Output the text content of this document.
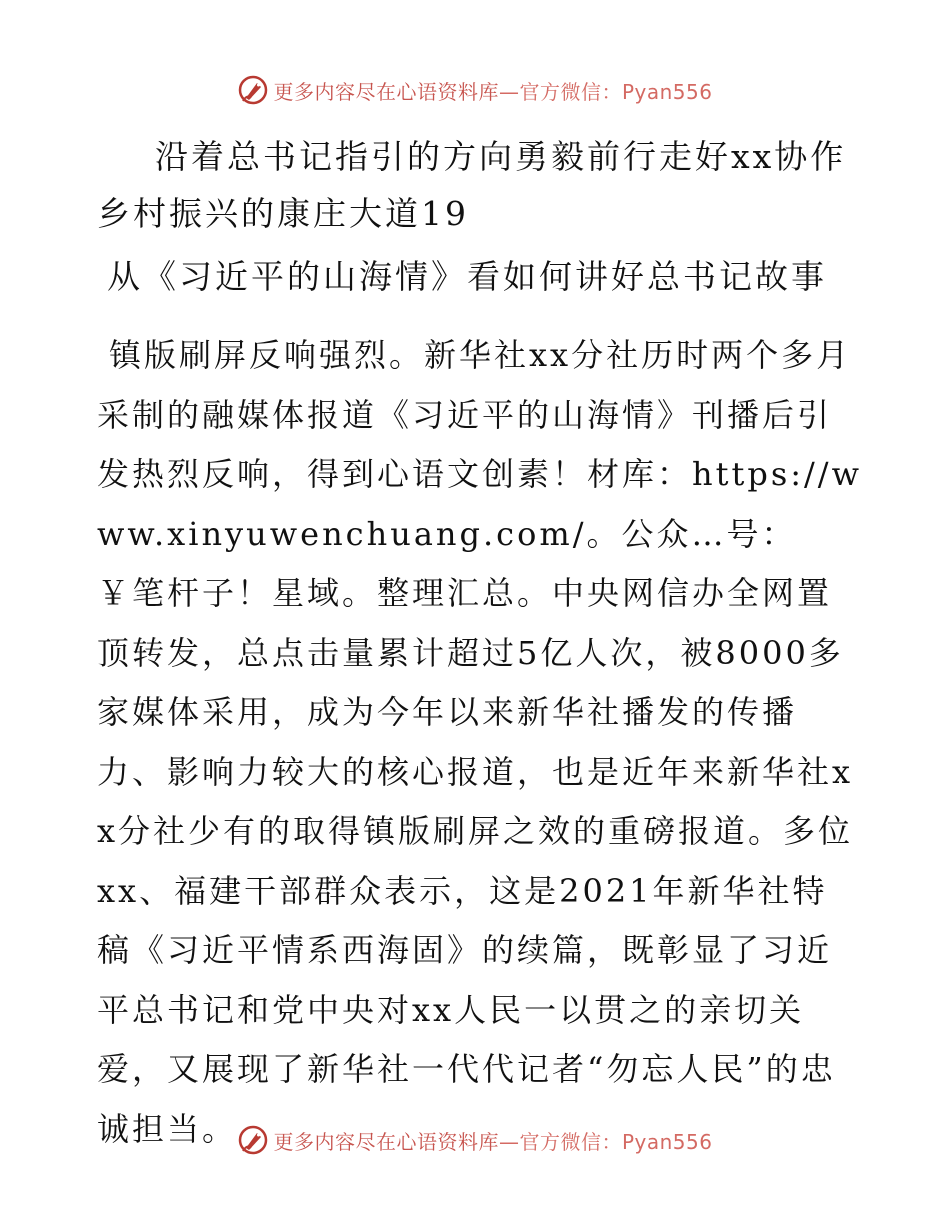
更多内容尽在心语资料库—官方微信：Pyan556
沿着总书记指引的方向勇毅前行走好xx协作乡村振兴的康庄大道19
从《习近平的山海情》看如何讲好总书记故事

镇版刷屏反响强烈。新华社xx分社历时两个多月采制的融媒体报道《习近平的山海情》刊播后引发热烈反响，得到心语文创素！材库：https://www.xinyuwenchuang.com/。公众…号：￥笔杆子！星域。整理汇总。中央网信办全网置顶转发，总点击量累计超过5亿人次，被8000多家媒体采用，成为今年以来新华社播发的传播力、影响力较大的核心报道，也是近年来新华社xx分社少有的取得镇版刷屏之效的重磅报道。多位xx、福建干部群众表示，这是2021年新华社特稿《习近平情系西海固》的续篇，既彰显了习近平总书记和党中央对xx人民一以贯之的亲切关爱，又展现了新华社一代代记者“勿忘人民”的忠诚担当。	更多内容尽在心语资料库—官方微信：Pyan556
